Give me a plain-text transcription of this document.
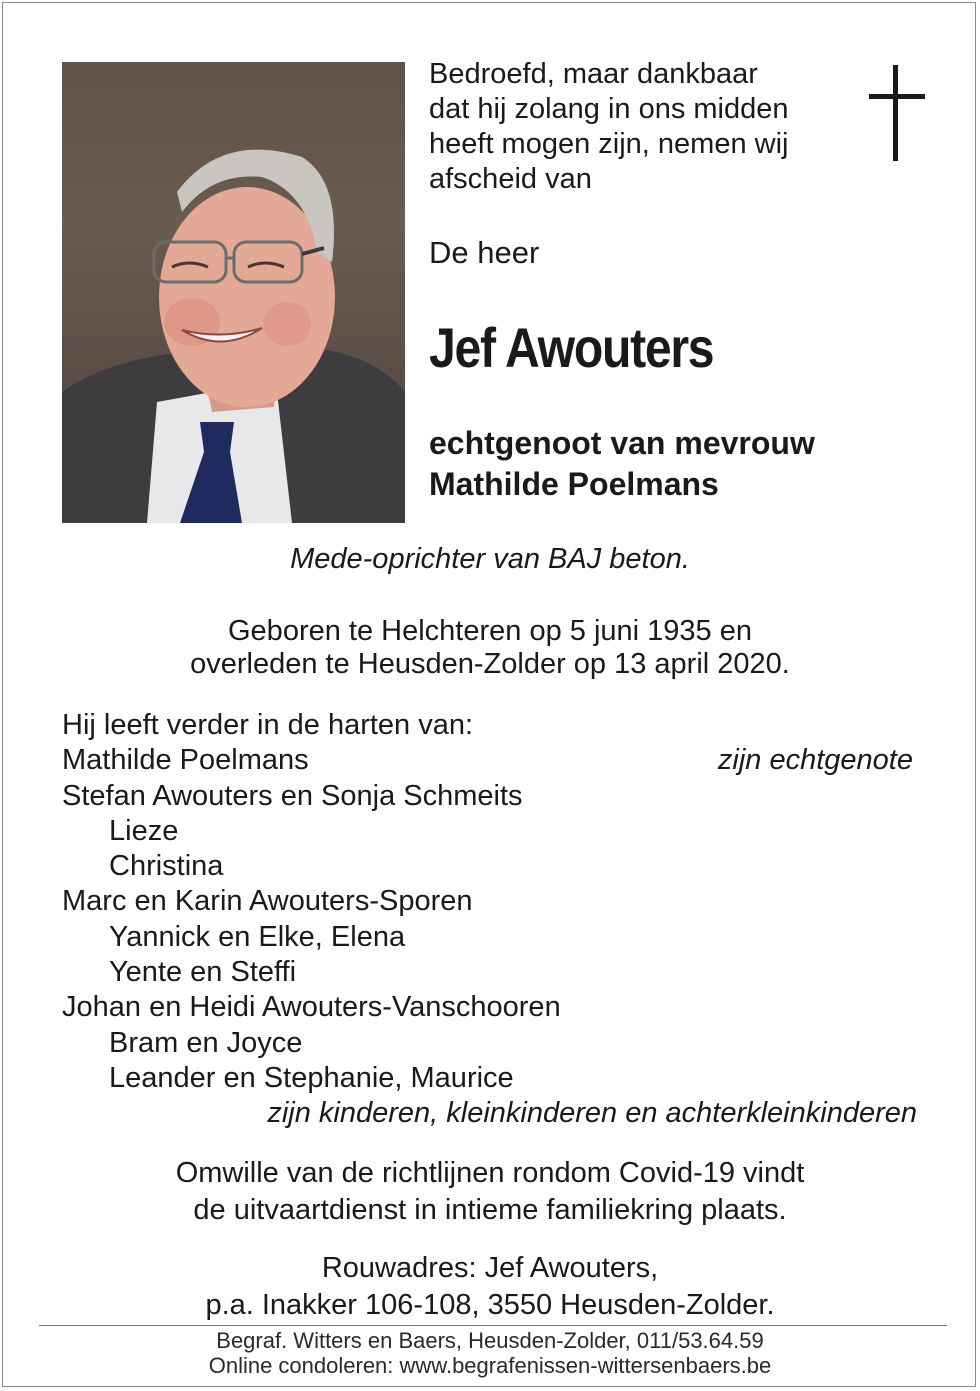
Bedroefd, maar dankbaar
dat hij zolang in ons midden
heeft mogen zijn, nemen wij
afscheid van
De heer
Jef Awouters
echtgenoot van mevrouw
Mathilde Poelmans
Mede-oprichter van BAJ beton.
Geboren te Helchteren op 5 juni 1935 en
overleden te Heusden-Zolder op 13 april 2020.
Hij leeft verder in de harten van:
Mathilde Poelmans	zijn echtgenote
Stefan Awouters en Sonja Schmeits
Lieze
Christina
Marc en Karin Awouters-Sporen
Yannick en Elke, Elena
Yente en Steffi
Johan en Heidi Awouters-Vanschooren
Bram en Joyce
Leander en Stephanie, Maurice
zijn kinderen, kleinkinderen en achterkleinkinderen
Omwille van de richtlijnen rondom Covid-19 vindt
de uitvaartdienst in intieme familiekring plaats.
Rouwadres: Jef Awouters,
p.a. Inakker 106-108, 3550 Heusden-Zolder.
Begraf. Witters en Baers, Heusden-Zolder, 011/53.64.59
Online condoleren: www.begrafenissen-wittersenbaers.be
